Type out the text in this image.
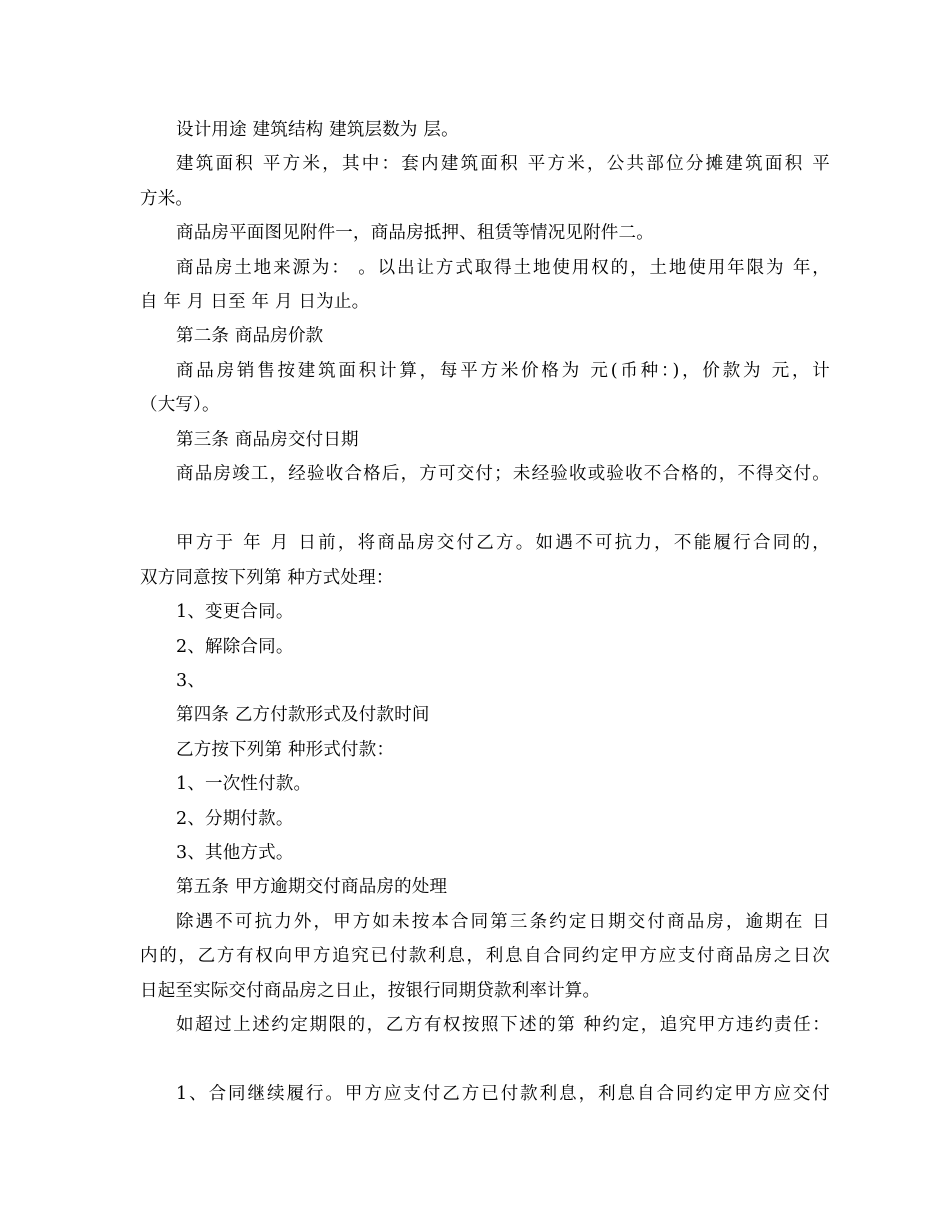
设计用途 建筑结构 建筑层数为 层。
建筑面积 平方米，其中：套内建筑面积 平方米，公共部位分摊建筑面积 平
方米。
商品房平面图见附件一，商品房抵押、租赁等情况见附件二。
商品房土地来源为： 。以出让方式取得土地使用权的，土地使用年限为 年，
自 年 月 日至 年 月 日为止。
第二条 商品房价款
商品房销售按建筑面积计算，每平方米价格为 元(币种：)，价款为 元，计
（大写）。
第三条 商品房交付日期
商品房竣工，经验收合格后，方可交付；未经验收或验收不合格的，不得交付。
甲方于 年 月 日前，将商品房交付乙方。如遇不可抗力，不能履行合同的，
双方同意按下列第 种方式处理：
1、变更合同。
2、解除合同。
3、
第四条 乙方付款形式及付款时间
乙方按下列第 种形式付款：
1、一次性付款。
2、分期付款。
3、其他方式。
第五条 甲方逾期交付商品房的处理
除遇不可抗力外，甲方如未按本合同第三条约定日期交付商品房，逾期在 日
内的，乙方有权向甲方追究已付款利息，利息自合同约定甲方应支付商品房之日次
日起至实际交付商品房之日止，按银行同期贷款利率计算。
如超过上述约定期限的，乙方有权按照下述的第 种约定，追究甲方违约责任：
1、合同继续履行。甲方应支付乙方已付款利息，利息自合同约定甲方应交付
